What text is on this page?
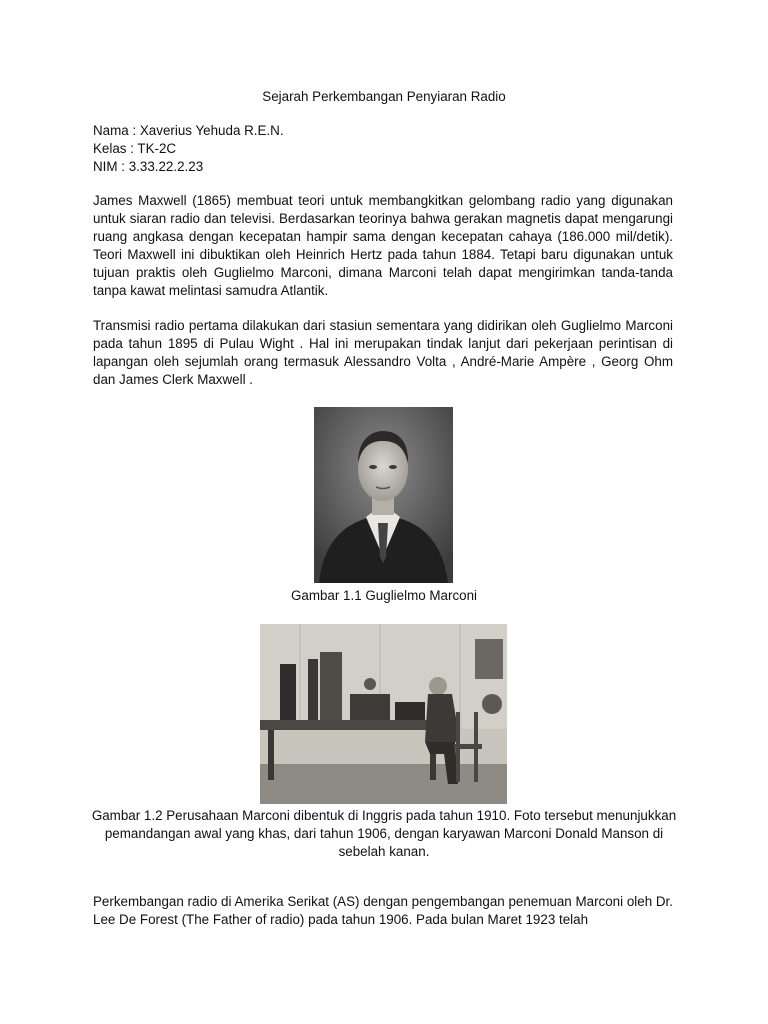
Sejarah Perkembangan Penyiaran Radio
Nama : Xaverius Yehuda R.E.N.
Kelas : TK-2C
NIM : 3.33.22.2.23
James Maxwell (1865) membuat teori untuk membangkitkan gelombang radio yang digunakan untuk siaran radio dan televisi. Berdasarkan teorinya bahwa gerakan magnetis dapat mengarungi ruang angkasa dengan kecepatan hampir sama dengan kecepatan cahaya (186.000 mil/detik). Teori Maxwell ini dibuktikan oleh Heinrich Hertz pada tahun 1884. Tetapi baru digunakan untuk tujuan praktis oleh Guglielmo Marconi, dimana Marconi telah dapat mengirimkan tanda-tanda tanpa kawat melintasi samudra Atlantik.
Transmisi radio pertama dilakukan dari stasiun sementara yang didirikan oleh Guglielmo Marconi pada tahun 1895 di Pulau Wight . Hal ini merupakan tindak lanjut dari pekerjaan perintisan di lapangan oleh sejumlah orang termasuk Alessandro Volta , André-Marie Ampère , Georg Ohm dan James Clerk Maxwell .
Gambar 1.1 Guglielmo Marconi
Gambar 1.2 Perusahaan Marconi dibentuk di Inggris pada tahun 1910. Foto tersebut menunjukkan pemandangan awal yang khas, dari tahun 1906, dengan karyawan Marconi Donald Manson di sebelah kanan.
Perkembangan radio di Amerika Serikat (AS) dengan pengembangan penemuan Marconi oleh Dr. Lee De Forest (The Father of radio) pada tahun 1906. Pada bulan Maret 1923 telah
